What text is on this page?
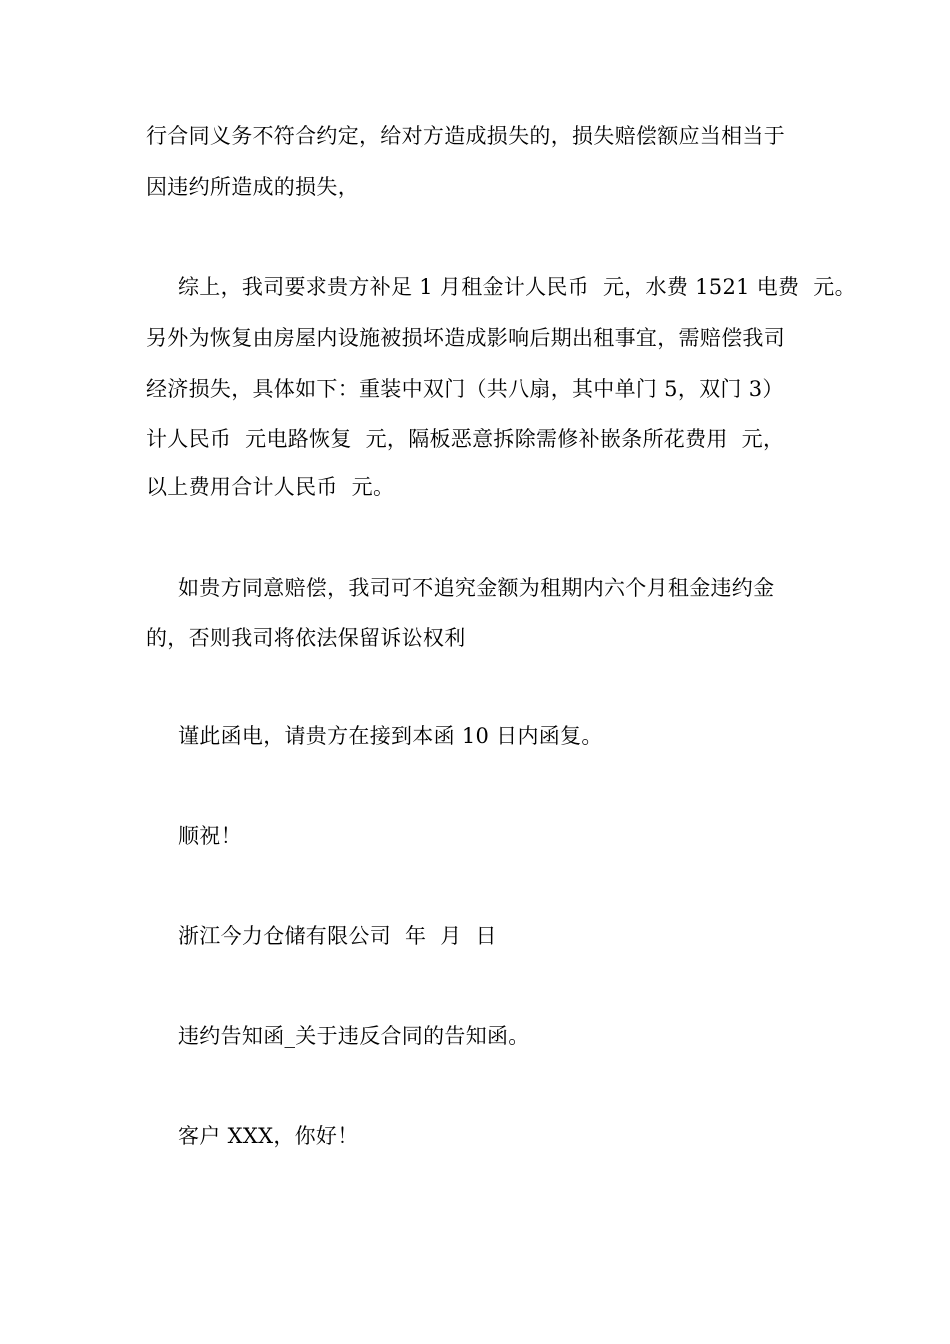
行合同义务不符合约定，给对方造成损失的，损失赔偿额应当相当于
因违约所造成的损失，
综上，我司要求贵方补足 1 月租金计人民币  元，水费 1521 电费  元。
另外为恢复由房屋内设施被损坏造成影响后期出租事宜，需赔偿我司
经济损失，具体如下：重装中双门（共八扇，其中单门 5，双门 3）
计人民币  元电路恢复  元，隔板恶意拆除需修补嵌条所花费用  元，
以上费用合计人民币  元。
如贵方同意赔偿，我司可不追究金额为租期内六个月租金违约金
的，否则我司将依法保留诉讼权利
谨此函电，请贵方在接到本函 10 日内函复。
顺祝！
浙江今力仓储有限公司  年  月  日
违约告知函_关于违反合同的告知函。
客户 XXX，你好！
